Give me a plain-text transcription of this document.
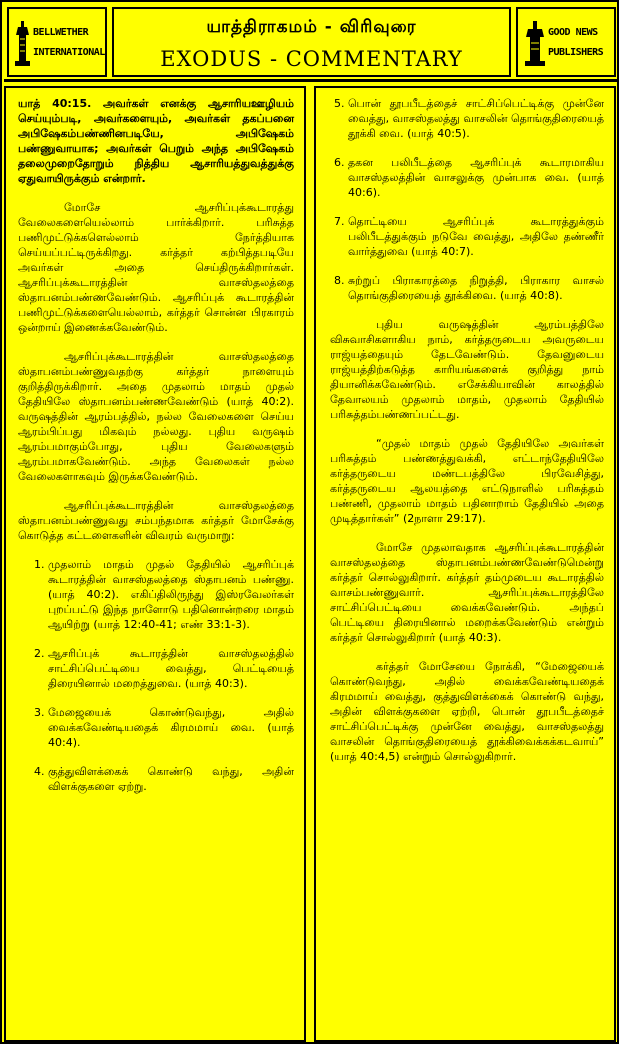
BELLWETHER
INTERNATIONAL
யாத்திராகமம் - விரிவுரை
EXODUS - COMMENTARY
GOOD NEWS
PUBLISHERS

யாத் 40:15. அவர்கள் எனக்கு ஆசாரியஊழியம் செய்யும்படி, அவர்களையும், அவர்கள் தகப்பனை அபிஷேகம்பண்ணினபடியே, அபிஷேகம் பண்ணுவாயாக; அவர்கள் பெறும் அந்த அபிஷேகம் தலைமுறைதோறும் நித்திய ஆசாரியத்துவத்துக்கு ஏதுவாயிருக்கும் என்றார்.

மோசே ஆசரிப்புக்கூடாரத்து வேலைகளையெல்லாம் பார்க்கிறார். பரிசுத்த பணிமுட்டுக்களெல்லாம் நேர்த்தியாக செய்யப்பட்டிருக்கிறது. கர்த்தர் கற்பித்தபடியே அவர்கள் அதை செய்திருக்கிறார்கள். ஆசரிப்புக்கூடாரத்தின் வாசஸ்தலத்தை ஸ்தாபனம்பண்ணவேண்டும். ஆசரிப்புக் கூடாரத்தின் பணிமுட்டுக்களையெல்லாம், கர்த்தர் சொன்ன பிரகாரம் ஒன்றாய் இணைக்கவேண்டும்.

ஆசரிப்புக்கூடாரத்தின் வாசஸ்தலத்தை ஸ்தாபனம்பண்ணுவதற்கு கர்த்தர் நாளையும் குறித்திருக்கிறார். அதை முதலாம் மாதம் முதல் தேதியிலே ஸ்தாபனம்பண்ணவேண்டும் (யாத் 40:2). வருஷத்தின் ஆரம்பத்தில், நல்ல வேலைகளை செய்ய ஆரம்பிப்பது மிகவும் நல்லது. புதிய வருஷம் ஆரம்பமாகும்போது, புதிய வேலைகளும் ஆரம்பமாகவேண்டும். அந்த வேலைகள் நல்ல வேலைகளாகவும் இருக்கவேண்டும்.

ஆசரிப்புக்கூடாரத்தின் வாசஸ்தலத்தை ஸ்தாபனம்பண்ணுவது சம்பந்தமாக கர்த்தர் மோசேக்கு கொடுத்த கட்டளைகளின் விவரம் வருமாறு:

1. முதலாம் மாதம் முதல் தேதியில் ஆசரிப்புக் கூடாரத்தின் வாசஸ்தலத்தை ஸ்தாபனம் பண்ணு. (யாத் 40:2). எகிப்திலிருந்து இஸ்ரவேலர்கள் புறப்பட்டு இந்த நாளோடு பதினொன்றரை மாதம் ஆயிற்று (யாத் 12:40-41; எண் 33:1-3).
2. ஆசரிப்புக் கூடாரத்தின் வாசஸ்தலத்தில் சாட்சிப்பெட்டியை வைத்து, பெட்டியைத் திரையினால் மறைத்துவை. (யாத் 40:3).
3. மேஜையைக் கொண்டுவந்து, அதில் வைக்கவேண்டியதைக் கிரமமாய் வை. (யாத் 40:4).
4. குத்துவிளக்கைக் கொண்டு வந்து, அதின் விளக்குகளை ஏற்று.
5. பொன் தூபபீடத்தைச் சாட்சிப்பெட்டிக்கு முன்னே வைத்து, வாசஸ்தலத்து வாசலின் தொங்குதிரையைத் தூக்கி வை. (யாத் 40:5).
6. தகன பலிபீடத்தை ஆசரிப்புக் கூடாரமாகிய வாசஸ்தலத்தின் வாசலுக்கு முன்பாக வை. (யாத் 40:6).
7. தொட்டியை ஆசரிப்புக் கூடாரத்துக்கும் பலிபீடத்துக்கும் நடுவே வைத்து, அதிலே தண்ணீர் வார்த்துவை (யாத் 40:7).
8. சுற்றுப் பிராகாரத்தை நிறுத்தி, பிராகார வாசல் தொங்குதிரையைத் தூக்கிவை. (யாத் 40:8).

புதிய வருஷத்தின் ஆரம்பத்திலே விசுவாசிகளாகிய நாம், கர்த்தருடைய அவருடைய ராஜ்யத்தையும் தேடவேண்டும். தேவனுடைய ராஜ்யத்திற்கடுத்த காரியங்களைக் குறித்து நாம் தியானிக்கவேண்டும். எசேக்கியாவின் காலத்தில் தேவாலயம் முதலாம் மாதம், முதலாம் தேதியில் பரிசுத்தம்பண்ணப்பட்டது.

“முதல் மாதம் முதல் தேதியிலே அவர்கள் பரிசுத்தம் பண்ணத்துவக்கி, எட்டாந்தேதியிலே கர்த்தருடைய மண்டபத்திலே பிரவேசித்து, கர்த்தருடைய ஆலயத்தை எட்டுநாளில் பரிசுத்தம் பண்ணி, முதலாம் மாதம் பதினாறாம் தேதியில் அதை முடித்தார்கள்” (2நாளா 29:17).

மோசே முதலாவதாக ஆசரிப்புக்கூடாரத்தின் வாசஸ்தலத்தை ஸ்தாபனம்பண்ணவேண்டுமென்று கர்த்தர் சொல்லுகிறார். கர்த்தர் தம்முடைய கூடாரத்தில் வாசம்பண்ணுவார். ஆசரிப்புக்கூடாரத்திலே சாட்சிப்பெட்டியை வைக்கவேண்டும். அந்தப் பெட்டியை திரையினால் மறைக்கவேண்டும் என்றும் கர்த்தர் சொல்லுகிறார் (யாத் 40:3).

கர்த்தர் மோசேயை நோக்கி, “மேஜையைக் கொண்டுவந்து, அதில் வைக்கவேண்டியதைக் கிரமமாய் வைத்து, குத்துவிளக்கைக் கொண்டு வந்து, அதின் விளக்குகளை ஏற்றி, பொன் தூபபீடத்தைச் சாட்சிப்பெட்டிக்கு முன்னே வைத்து, வாசஸ்தலத்து வாசலின் தொங்குதிரையைத் தூக்கிவைக்கக்கடவாய்” (யாத் 40:4,5) என்றும் சொல்லுகிறார்.
